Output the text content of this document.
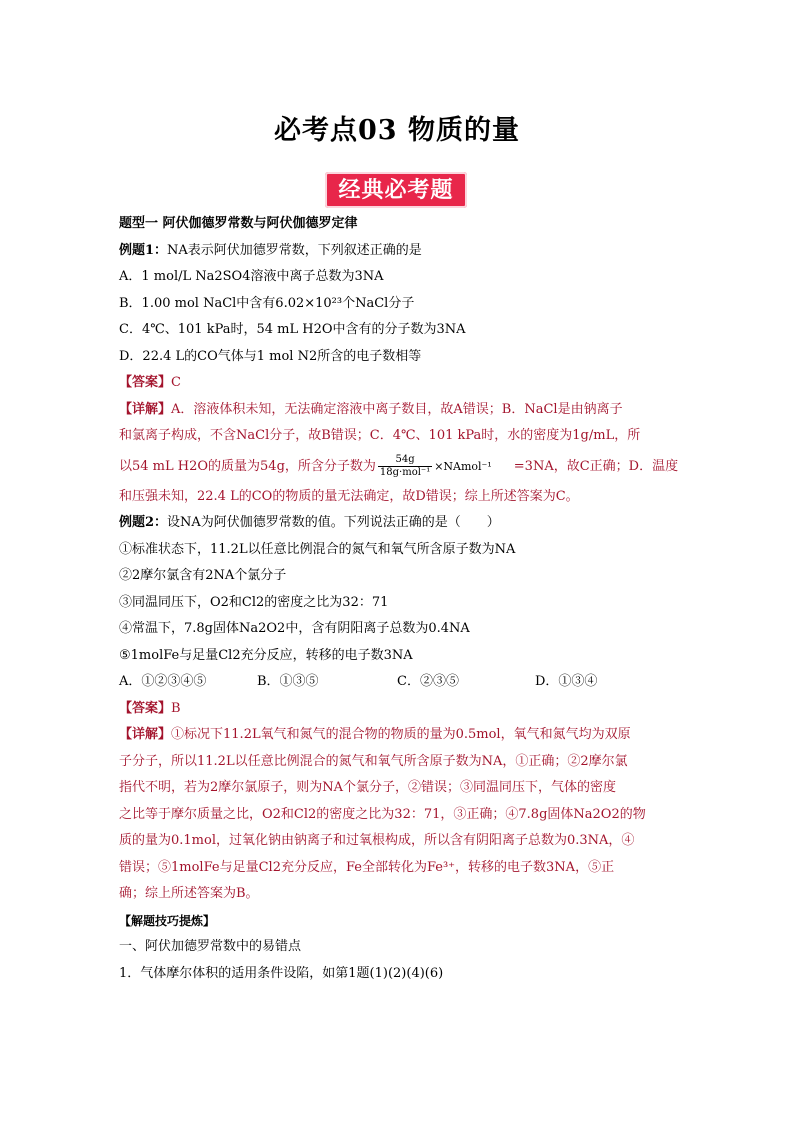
必考点03 物质的量
经典必考题
题型一 阿伏伽德罗常数与阿伏伽德罗定律
例题1：NA表示阿伏加德罗常数，下列叙述正确的是
A．1 mol/L Na2SO4溶液中离子总数为3NA
B．1.00 mol NaCl中含有6.02×10²³个NaCl分子
C．4℃、101 kPa时，54 mL H2O中含有的分子数为3NA
D．22.4 L的CO气体与1 mol N2所含的电子数相等
【答案】C
【详解】A．溶液体积未知，无法确定溶液中离子数目，故A错误；B．NaCl是由钠离子
和氯离子构成，不含NaCl分子，故B错误；C．4℃、101 kPa时，水的密度为1g/mL，所
以54 mL H2O的质量为54g，所含分子数为 $\frac{54g}{\text{18g·mol⁻¹}}$ ×NAmol⁻¹ =3NA，故C正确；D．温度
和压强未知，22.4 L的CO的物质的量无法确定，故D错误；综上所述答案为C。
例题2：设NA为阿伏伽德罗常数的值。下列说法正确的是（　　）
①标准状态下，11.2L以任意比例混合的氮气和氧气所含原子数为NA
②2摩尔氯含有2NA个氯分子
③同温同压下，O2和Cl2的密度之比为32：71
④常温下，7.8g固体Na2O2中，含有阴阳离子总数为0.4NA
⑤1molFe与足量Cl2充分反应，转移的电子数3NA
A．①②③④⑤	B．①③⑤	C．②③⑤	D．①③④
【答案】B
【详解】①标况下11.2L氧气和氮气的混合物的物质的量为0.5mol，氧气和氮气均为双原
子分子，所以11.2L以任意比例混合的氮气和氧气所含原子数为NA，①正确；②2摩尔氯
指代不明，若为2摩尔氯原子，则为NA个氯分子，②错误；③同温同压下，气体的密度
之比等于摩尔质量之比，O2和Cl2的密度之比为32：71，③正确；④7.8g固体Na2O2的物
质的量为0.1mol，过氧化钠由钠离子和过氧根构成，所以含有阴阳离子总数为0.3NA，④
错误；⑤1molFe与足量Cl2充分反应，Fe全部转化为Fe³⁺，转移的电子数3NA，⑤正
确；综上所述答案为B。
【解题技巧提炼】
一、阿伏加德罗常数中的易错点
1．气体摩尔体积的适用条件设陷，如第1题(1)(2)(4)(6)
